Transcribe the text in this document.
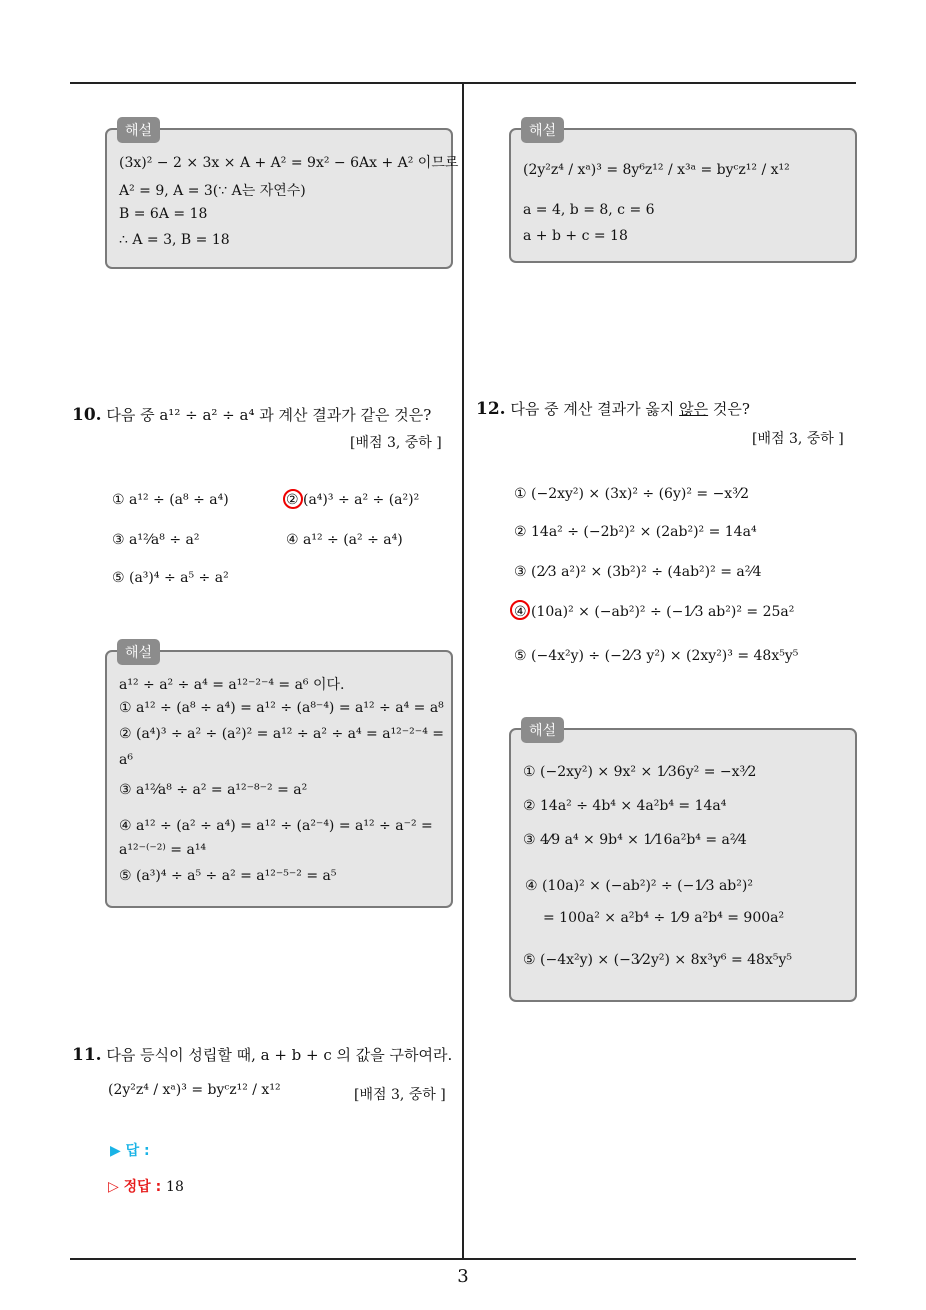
해설
(3x)² − 2 × 3x × A + A² = 9x² − 6Ax + A² 이므로
A² = 9, A = 3(∵ A는 자연수)
B = 6A = 18
∴ A = 3, B = 18
10. 다음 중 a¹² ÷ a² ÷ a⁴ 과 계산 결과가 같은 것은?
[배점 3, 중하 ]
① a¹² ÷ (a⁸ ÷ a⁴)	② (a⁴)³ ÷ a² ÷ (a²)²
③ a¹²⁄a⁸ ÷ a²	④ a¹² ÷ (a² ÷ a⁴)
⑤ (a³)⁴ ÷ a⁵ ÷ a²
해설
a¹² ÷ a² ÷ a⁴ = a¹²⁻²⁻⁴ = a⁶ 이다.
① a¹² ÷ (a⁸ ÷ a⁴) = a¹² ÷ (a⁸⁻⁴) = a¹² ÷ a⁴ = a⁸
② (a⁴)³ ÷ a² ÷ (a²)² = a¹² ÷ a² ÷ a⁴ = a¹²⁻²⁻⁴ =
a⁶
③ a¹²⁄a⁸ ÷ a² = a¹²⁻⁸⁻² = a²
④ a¹² ÷ (a² ÷ a⁴) = a¹² ÷ (a²⁻⁴) = a¹² ÷ a⁻² =
a¹²⁻⁽⁻²⁾ = a¹⁴
⑤ (a³)⁴ ÷ a⁵ ÷ a² = a¹²⁻⁵⁻² = a⁵
11. 다음 등식이 성립할 때, a + b + c 의 값을 구하여라.
(2y²z⁴ / xᵃ)³ = byᶜz¹² / x¹²	[배점 3, 중하 ]
▶ 답 :
▷ 정답 : 18
해설
(2y²z⁴ / xᵃ)³ = 8y⁶z¹² / x³ᵃ = byᶜz¹² / x¹²
a = 4, b = 8, c = 6
a + b + c = 18
12. 다음 중 계산 결과가 옳지 않은 것은?
[배점 3, 중하 ]
① (−2xy²) × (3x)² ÷ (6y)² = −x³⁄2
② 14a² ÷ (−2b²)² × (2ab²)² = 14a⁴
③ (2⁄3 a²)² × (3b²)² ÷ (4ab²)² = a²⁄4
④ (10a)² × (−ab²)² ÷ (−1⁄3 ab²)² = 25a²
⑤ (−4x²y) ÷ (−2⁄3 y²) × (2xy²)³ = 48x⁵y⁵
해설
① (−2xy²) × 9x² × 1⁄36y² = −x³⁄2
② 14a² ÷ 4b⁴ × 4a²b⁴ = 14a⁴
③ 4⁄9 a⁴ × 9b⁴ × 1⁄16a²b⁴ = a²⁄4
④ (10a)² × (−ab²)² ÷ (−1⁄3 ab²)²
= 100a² × a²b⁴ ÷ 1⁄9 a²b⁴ = 900a²
⑤ (−4x²y) × (−3⁄2y²) × 8x³y⁶ = 48x⁵y⁵
3
